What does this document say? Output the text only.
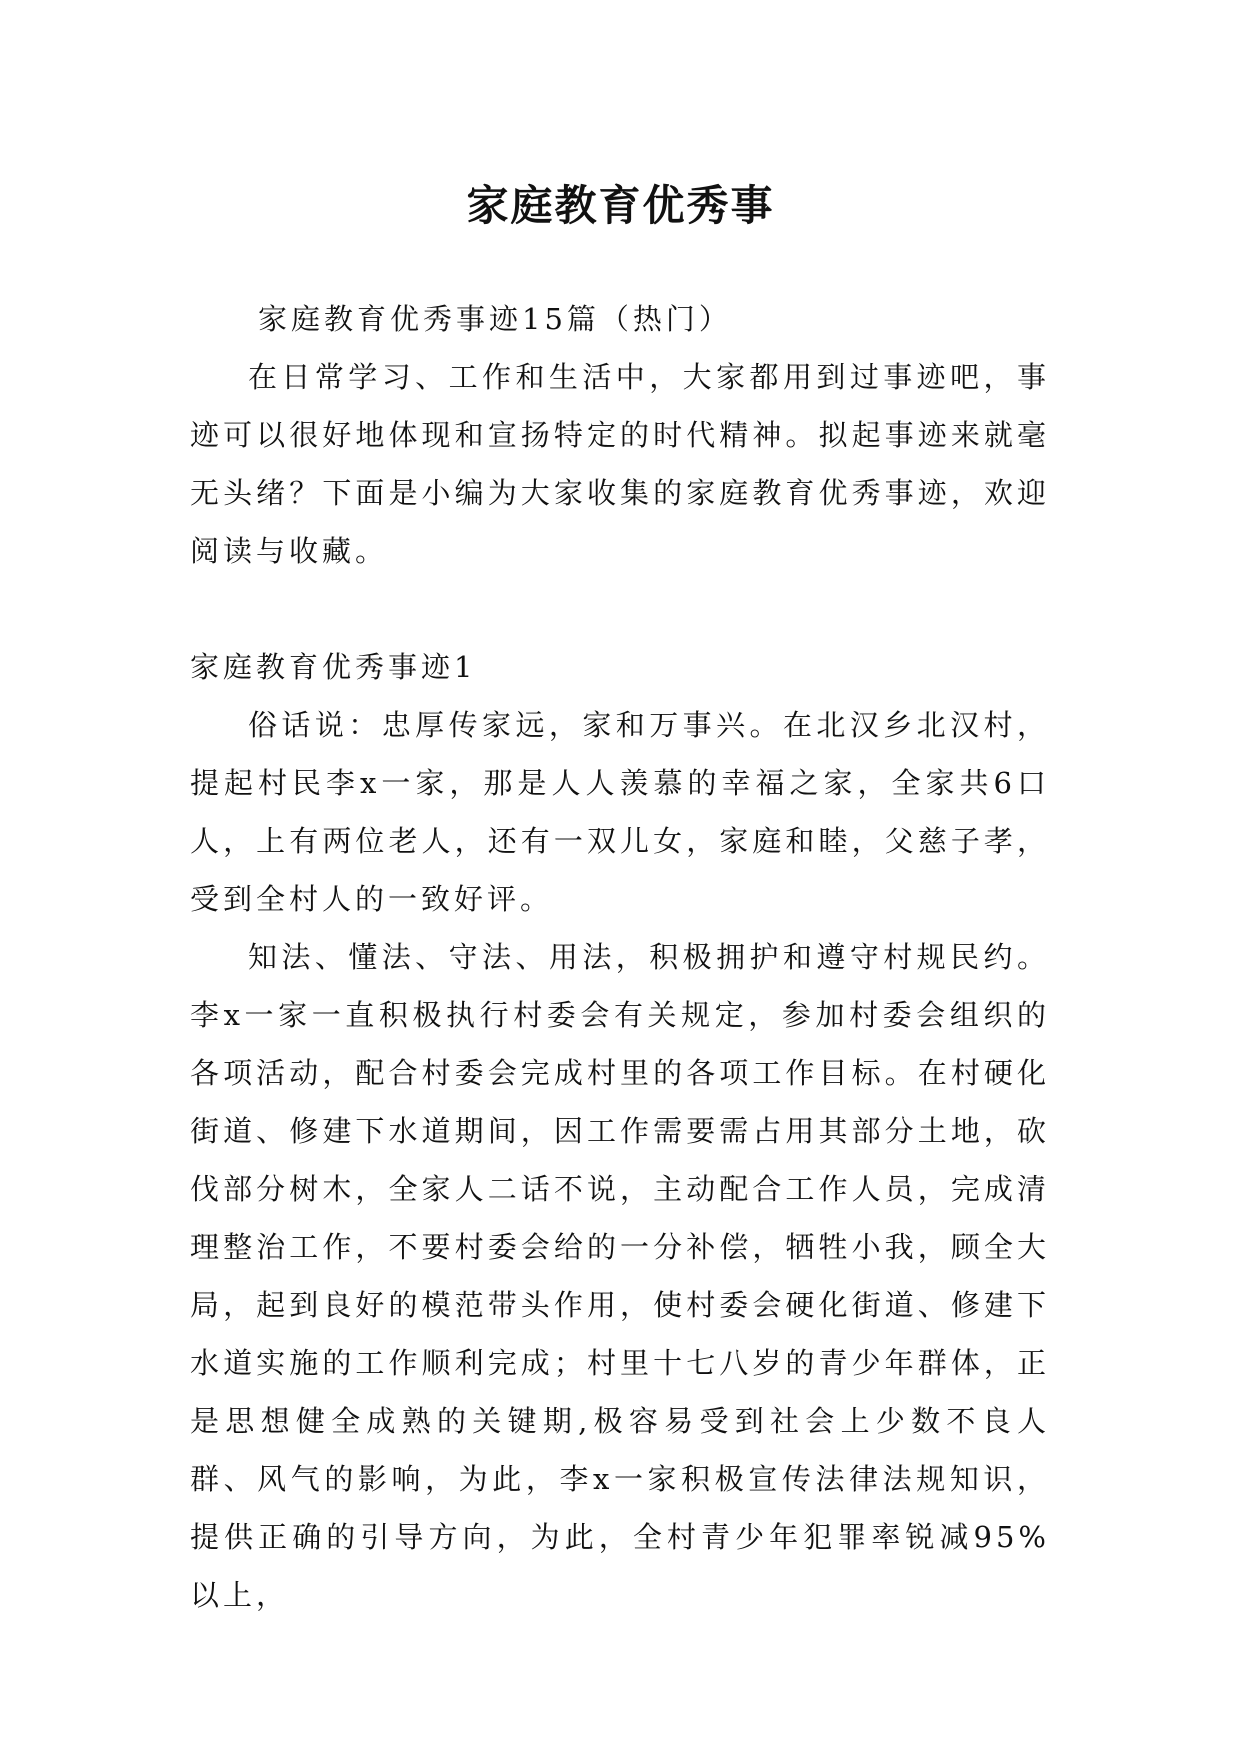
家庭教育优秀事

家庭教育优秀事迹15篇（热门）

在日常学习、工作和生活中，大家都用到过事迹吧，事迹可以很好地体现和宣扬特定的时代精神。拟起事迹来就毫无头绪？下面是小编为大家收集的家庭教育优秀事迹，欢迎阅读与收藏。

家庭教育优秀事迹1

俗话说：忠厚传家远，家和万事兴。在北汉乡北汉村，提起村民李x一家，那是人人羡慕的幸福之家，全家共6口人，上有两位老人，还有一双儿女，家庭和睦，父慈子孝，受到全村人的一致好评。

知法、懂法、守法、用法，积极拥护和遵守村规民约。李x一家一直积极执行村委会有关规定，参加村委会组织的各项活动，配合村委会完成村里的各项工作目标。在村硬化街道、修建下水道期间，因工作需要需占用其部分土地，砍伐部分树木，全家人二话不说，主动配合工作人员，完成清理整治工作，不要村委会给的一分补偿，牺牲小我，顾全大局，起到良好的模范带头作用，使村委会硬化街道、修建下水道实施的工作顺利完成；村里十七八岁的青少年群体，正是思想健全成熟的关键期,极容易受到社会上少数不良人群、风气的影响，为此，李x一家积极宣传法律法规知识，提供正确的引导方向，为此，全村青少年犯罪率锐减95%以上，
